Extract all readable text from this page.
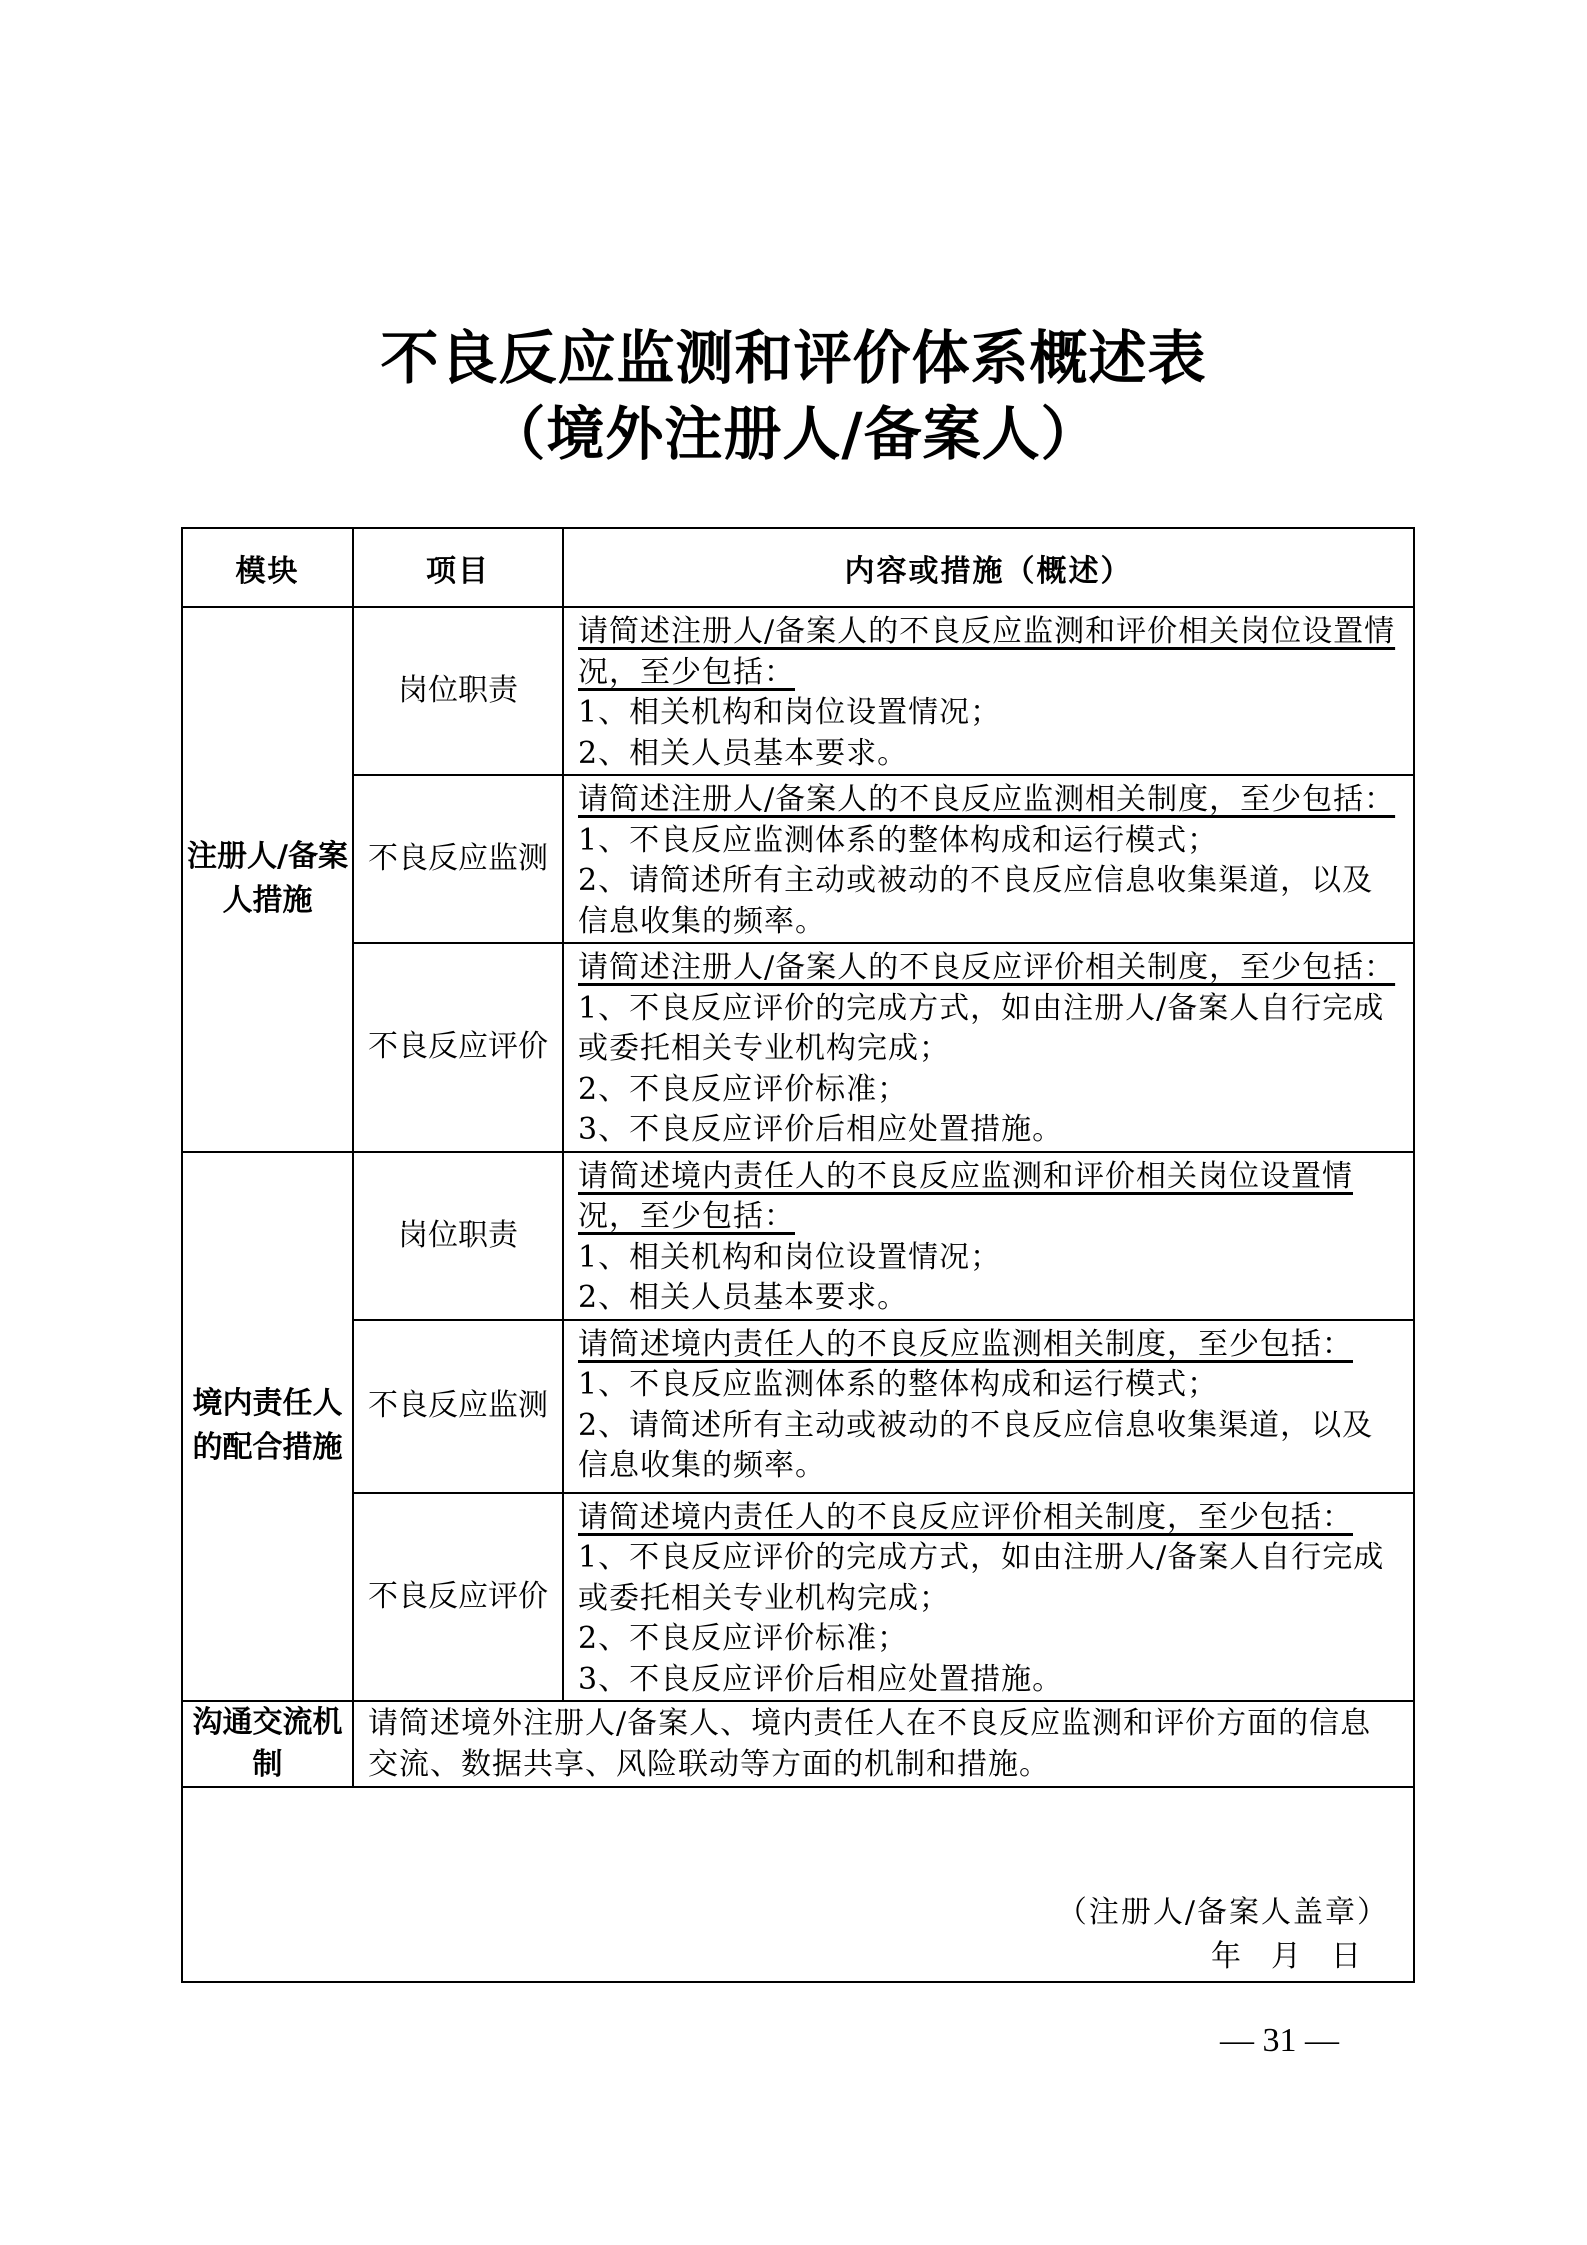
不良反应监测和评价体系概述表
（境外注册人/备案人）
模块	项目	内容或措施（概述）
注册人/备案人措施	岗位职责	请简述注册人/备案人的不良反应监测和评价相关岗位设置情况，至少包括：
1、相关机构和岗位设置情况；
2、相关人员基本要求。

	不良反应监测	请简述注册人/备案人的不良反应监测相关制度，至少包括：
1、不良反应监测体系的整体构成和运行模式；
2、请简述所有主动或被动的不良反应信息收集渠道，以及信息收集的频率。

	不良反应评价	请简述注册人/备案人的不良反应评价相关制度，至少包括：
1、不良反应评价的完成方式，如由注册人/备案人自行完成或委托相关专业机构完成；
2、不良反应评价标准；
3、不良反应评价后相应处置措施。

境内责任人的配合措施	岗位职责	请简述境内责任人的不良反应监测和评价相关岗位设置情况，至少包括：
1、相关机构和岗位设置情况；
2、相关人员基本要求。

	不良反应监测	请简述境内责任人的不良反应监测相关制度，至少包括：
1、不良反应监测体系的整体构成和运行模式；
2、请简述所有主动或被动的不良反应信息收集渠道，以及信息收集的频率。

	不良反应评价	请简述境内责任人的不良反应评价相关制度，至少包括：
1、不良反应评价的完成方式，如由注册人/备案人自行完成或委托相关专业机构完成；
2、不良反应评价标准；
3、不良反应评价后相应处置措施。

沟通交流机制	请简述境外注册人/备案人、境内责任人在不良反应监测和评价方面的信息交流、数据共享、风险联动等方面的机制和措施。	

（注册人/备案人盖章）
年 月 日		
— 31 —
